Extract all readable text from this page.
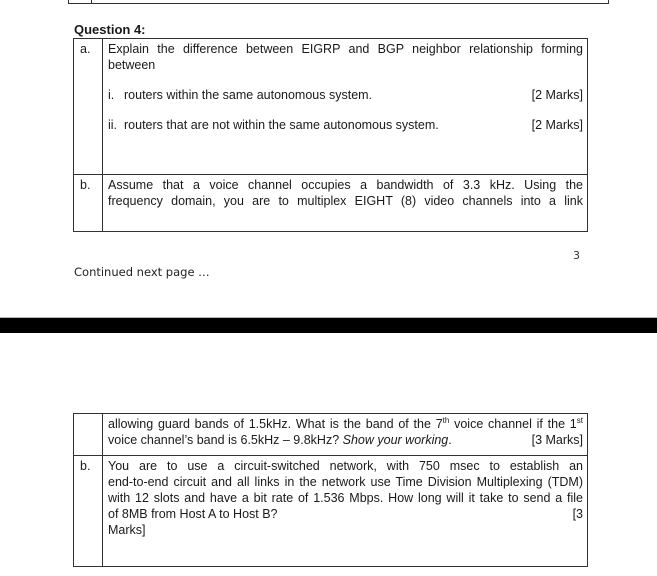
Question 4:
a.	Explain the difference between EIGRP and BGP neighbor relationship forming between
i. routers within the same autonomous system.	[2 Marks]
ii. routers that are not within the same autonomous system.	[2 Marks]

b.	Assume that a voice channel occupies a bandwidth of 3.3 kHz. Using the
frequency domain, you are to multiplex EIGHT (8) video channels into a link
3
Continued next page …

	allowing guard bands of 1.5kHz. What is the band of the 7th voice channel if the 1st
voice channel’s band is 6.5kHz – 9.8kHz? Show your working. [3 Marks]

b.	You are to use a circuit-switched network, with 750 msec to establish an
end-to-end circuit and all links in the network use Time Division Multiplexing (TDM)
with 12 slots and have a bit rate of 1.536 Mbps. How long will it take to send a file
of 8MB from Host A to Host B?	[3
Marks]
